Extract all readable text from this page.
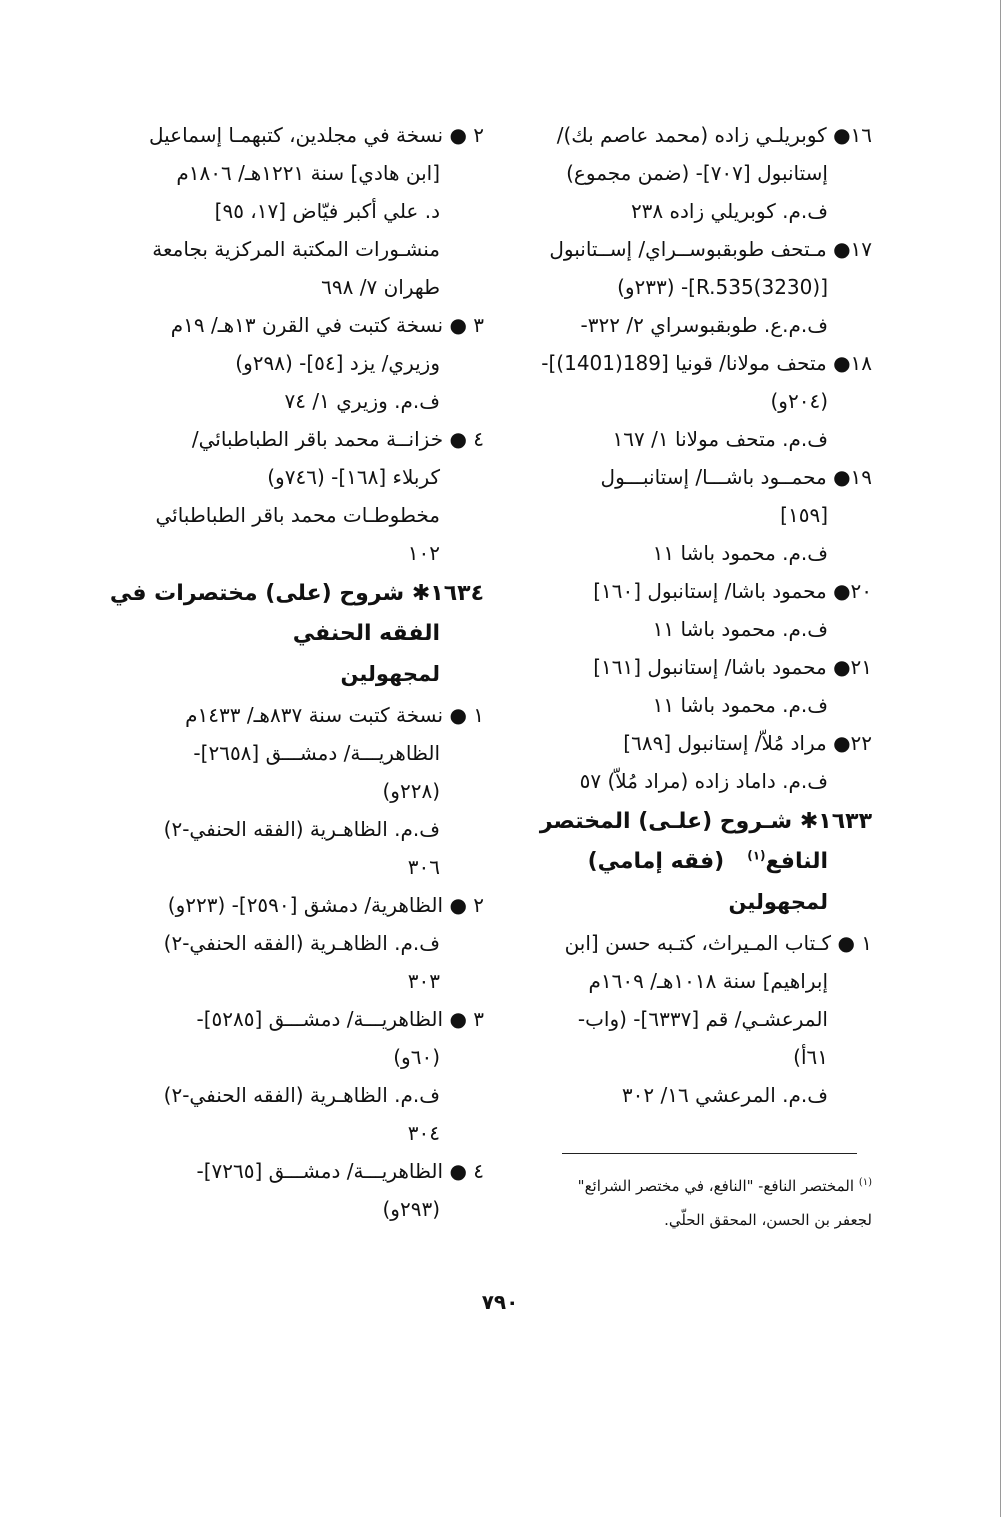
١٦● كوبريلـي زاده (محمد عاصم بك)/
إستانبول [٧٠٧]- (ضمن مجموع)
ف.م. كوبريلي زاده ٢٣٨
١٧● مـتحف طوبقبوســراي/ إســتانبول
[R.535(3230)]- (٢٣٣و)
ف.م.ع. طوبقبوسراي ٢/ ٣٢٢-
١٨● متحف مولانا/ قونيا [189(1401)]-
(٢٠٤و)
ف.م. متحف مولانا ١/ ١٦٧
١٩● محمــود باشـــا/ إستانبـــول
[١٥٩]
ف.م. محمود باشا ١١
٢٠● محمود باشا/ إستانبول [١٦٠]
ف.م. محمود باشا ١١
٢١● محمود باشا/ إستانبول [١٦١]
ف.م. محمود باشا ١١
٢٢● مراد مُلاّ/ إستانبول [٦٨٩]
ف.م. داماد زاده (مراد مُلاّ) ٥٧
١٦٣٣✱ شـروح (علـى) المختصر
النافع$^{(١)}$   (فقه إمامي)
لمجهولين
١ ● كـتاب المـيراث، كتـبه حسن [ابن
إبراهيم] سنة ١٠١٨هـ/ ١٦٠٩م
المرعشـي/ قم [٦٣٣٧]- (واب-
٦١أ)
ف.م. المرعشي ١٦/ ٣٠٢
٢ ● نسخة في مجلدين، كتبهمـا إسماعيل
[ابن هادي] سنة ١٢٢١هـ/ ١٨٠٦م
د. علي أكبر فيّاض [١٧، ٩٥]
منشـورات المكتبة المركزية بجامعة
طهران ٧/ ٦٩٨
٣ ● نسخة كتبت في القرن ١٣هـ/ ١٩م
وزيري/ يزد [٥٤]- (٢٩٨و)
ف.م. وزيري ١/ ٧٤
٤ ● خزانــة محمد باقر الطباطبائي/
كربلاء [١٦٨]- (٧٤٦و)
مخطوطـات محمد باقر الطباطبائي
١٠٢
١٦٣٤✱ شروح (على) مختصرات في
الفقه الحنفي
لمجهولين
١ ● نسخة كتبت سنة ٨٣٧هـ/ ١٤٣٣م
الظاهريـــة/ دمشـــق [٢٦٥٨]-
(٢٢٨و)
ف.م. الظاهـرية (الفقه الحنفي-٢)
٣٠٦
٢ ● الظاهرية/ دمشق [٢٥٩٠]- (٢٢٣و)
ف.م. الظاهـرية (الفقه الحنفي-٢)
٣٠٣
٣ ● الظاهريـــة/ دمشـــق [٥٢٨٥]-
(٦٠و)
ف.م. الظاهـرية (الفقه الحنفي-٢)
٣٠٤
٤ ● الظاهريـــة/ دمشـــق [٧٢٦٥]-
(٢٩٣و)
$^{(١)}$ المختصر النافع- "النافع، في مختصر الشرائع"
لجعفر بن الحسن، المحقق الحلّي.
٧٩٠
